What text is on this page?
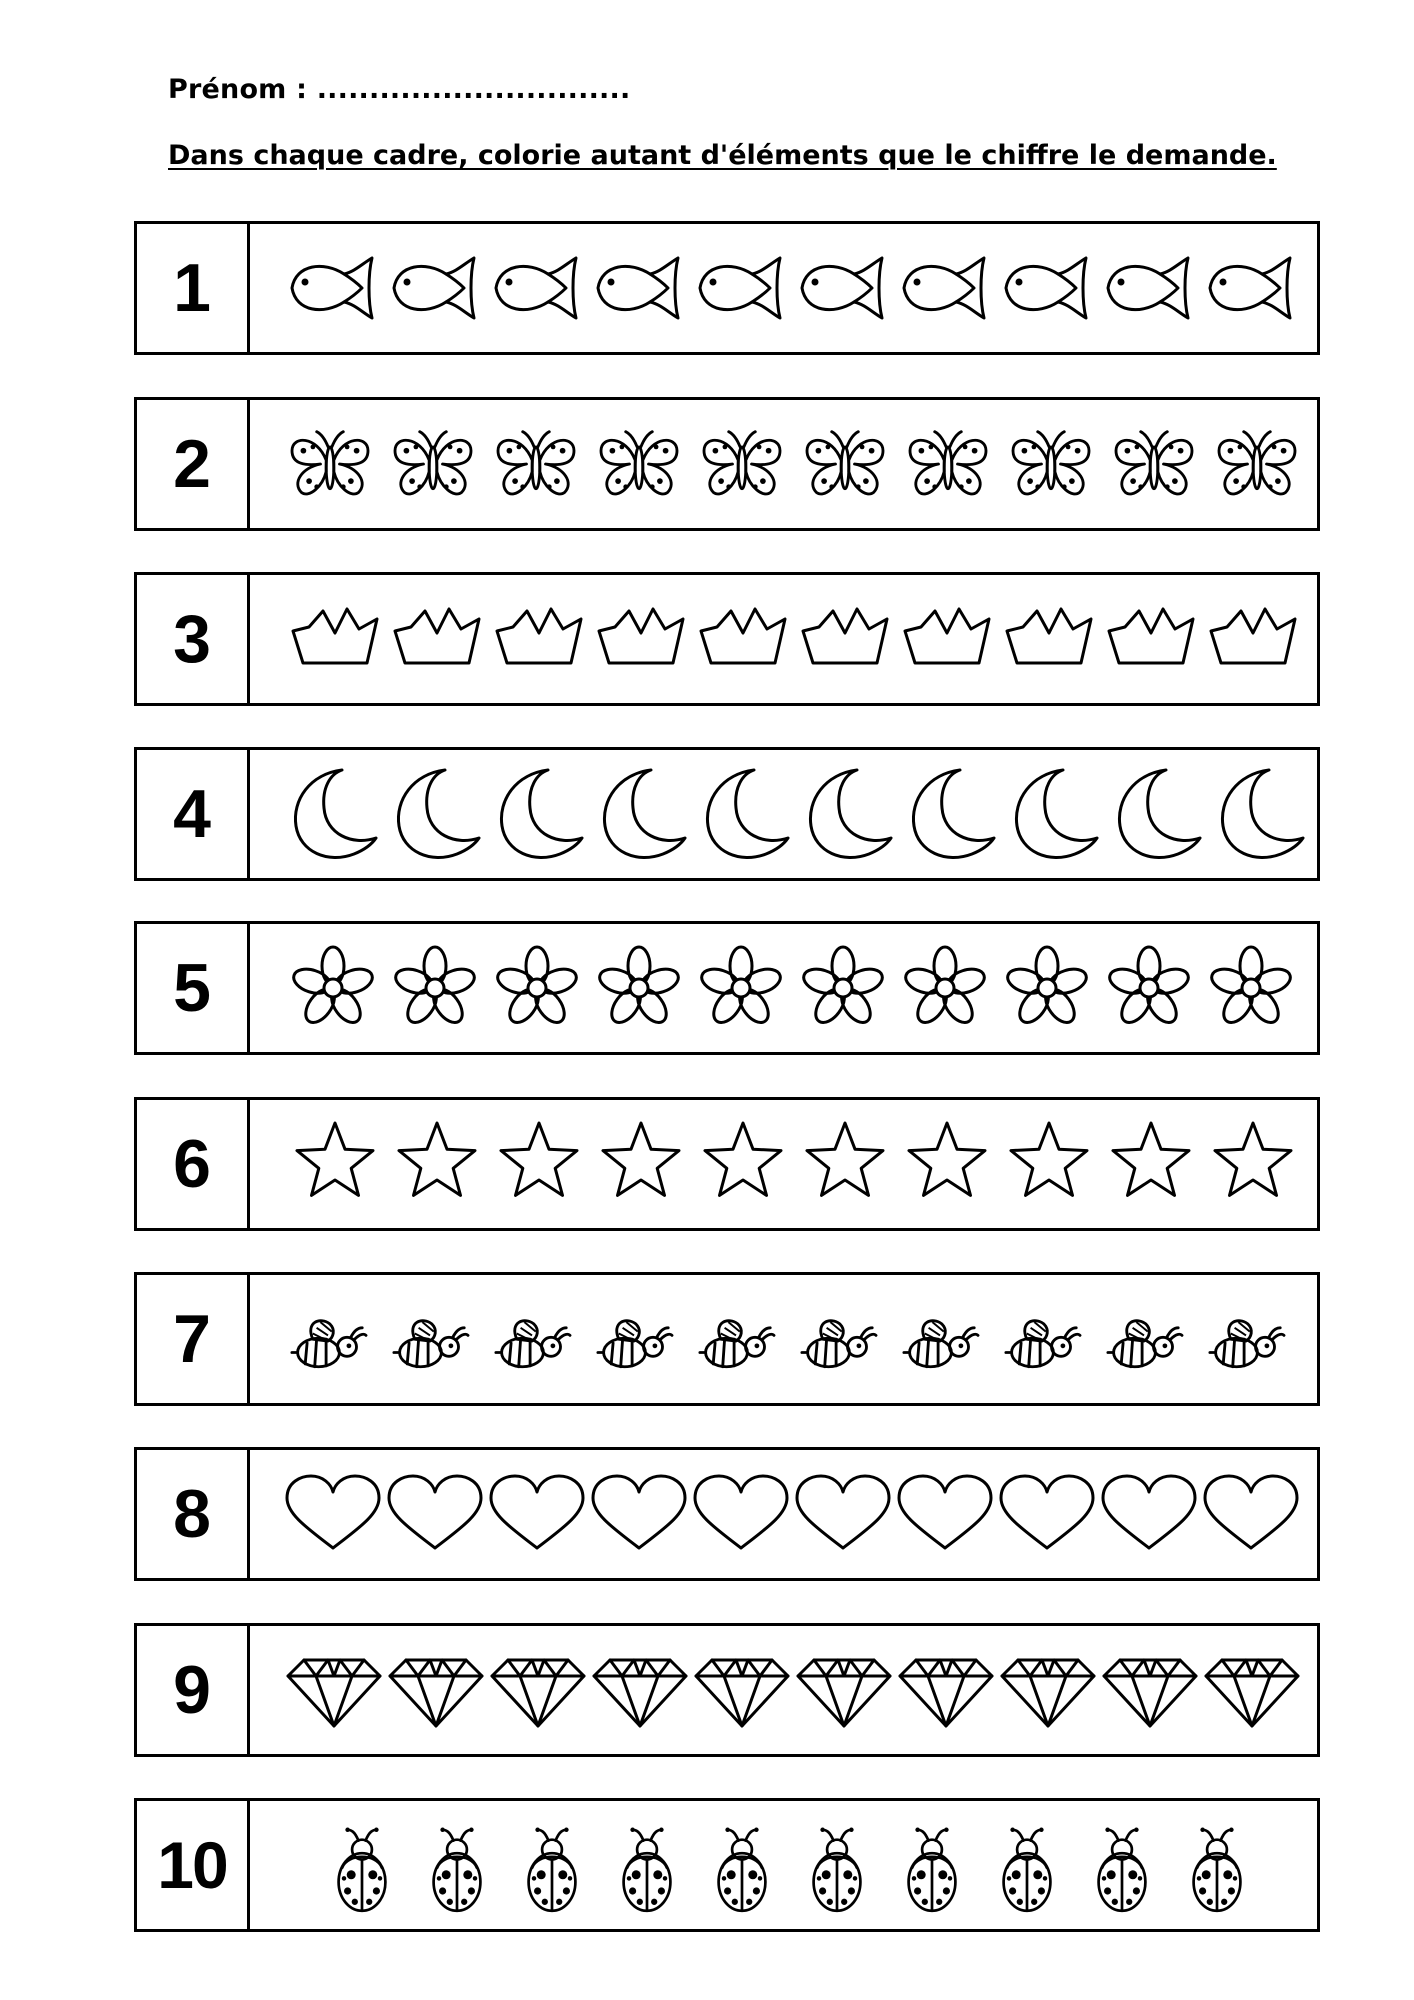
Prénom : ..............................
Dans chaque cadre, colorie autant d'éléments que le chiffre le demande.
1
2
3
4
5
6
7
8
9
10
